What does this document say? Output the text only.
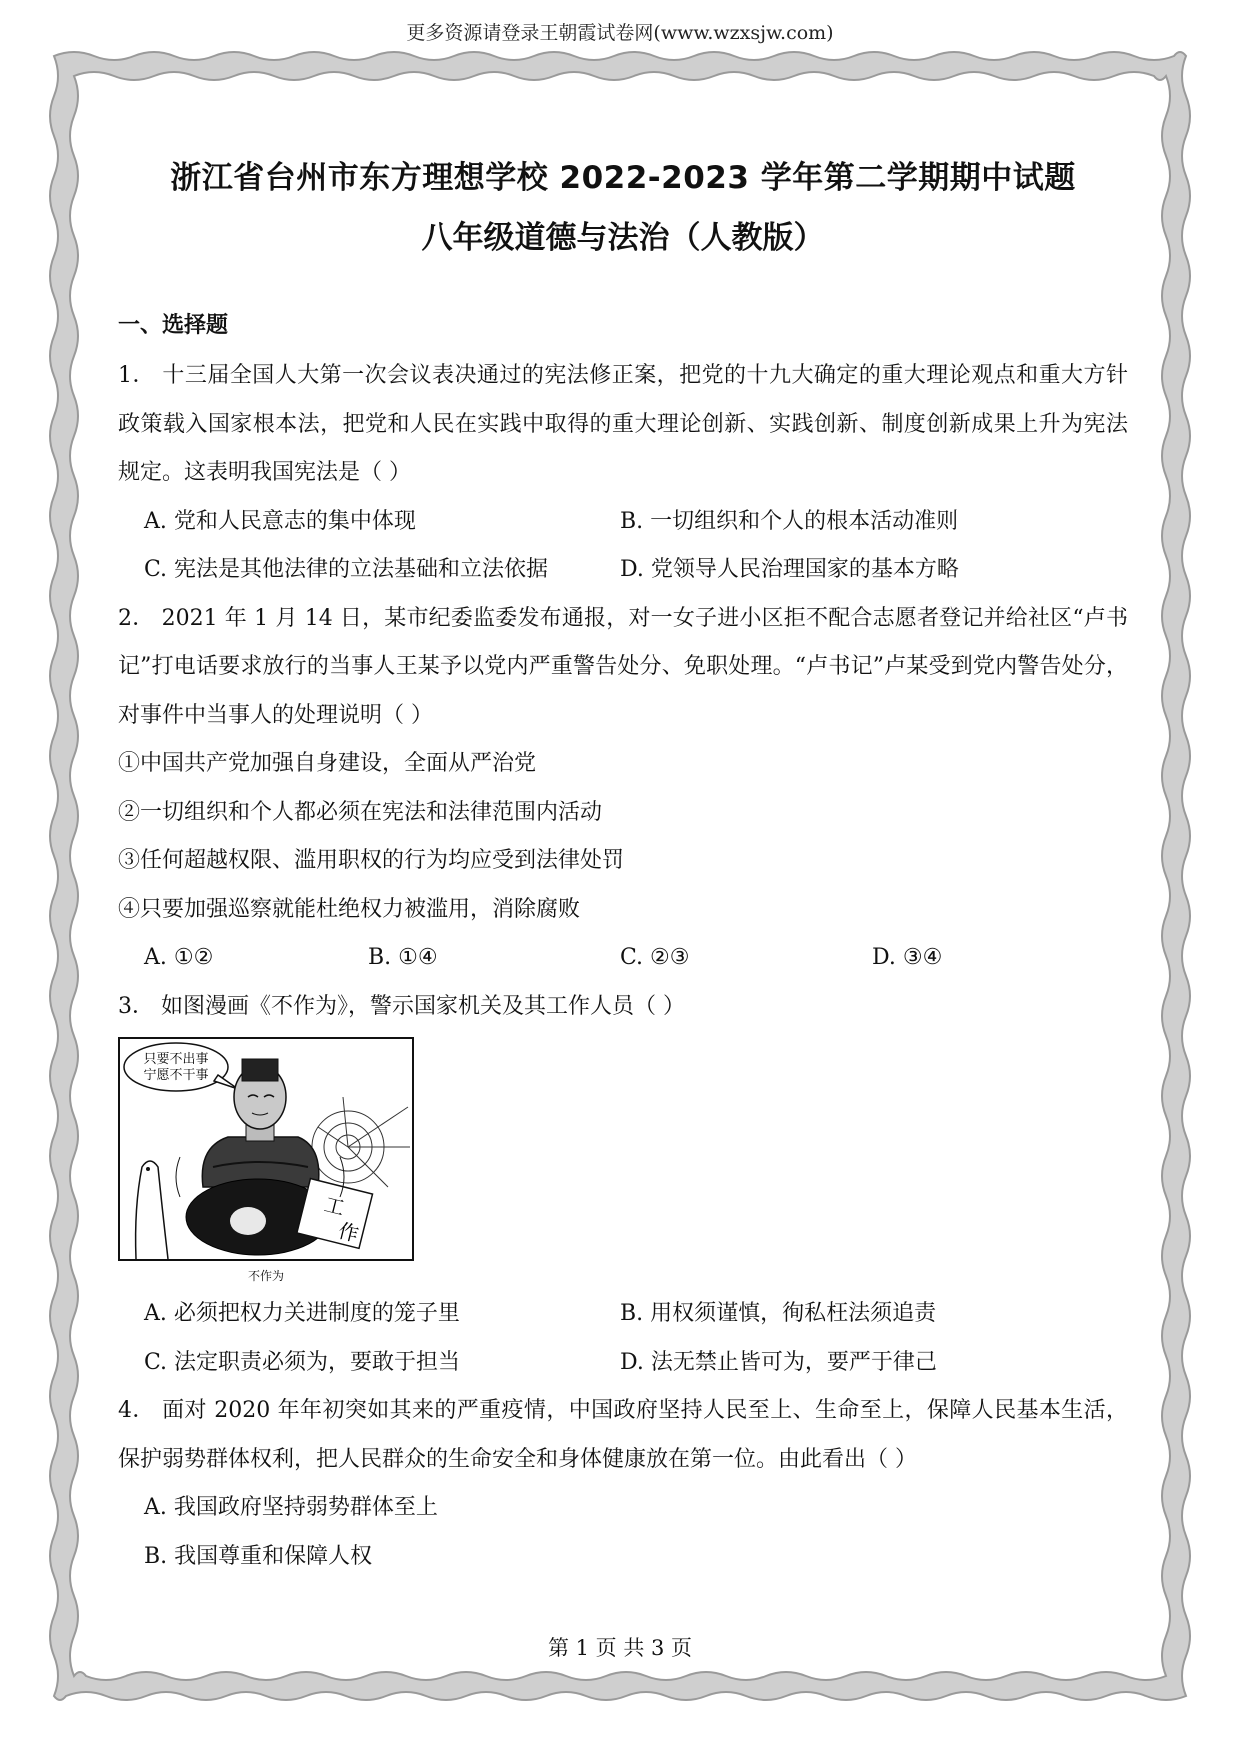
更多资源请登录王朝霞试卷网(www.wzxsjw.com)
浙江省台州市东方理想学校 2022-2023 学年第二学期期中试题
八年级道德与法治（人教版）
一、选择题

1． 十三届全国人大第一次会议表决通过的宪法修正案，把党的十九大确定的重大理论观点和重大方针政策载入国家根本法，把党和人民在实践中取得的重大理论创新、实践创新、制度创新成果上升为宪法规定。这表明我国宪法是（ ）

A. 党和人民意志的集中体现	B. 一切组织和个人的根本活动准则
C. 宪法是其他法律的立法基础和立法依据	D. 党领导人民治理国家的基本方略

2． 2021 年 1 月 14 日，某市纪委监委发布通报，对一女子进小区拒不配合志愿者登记并给社区“卢书记”打电话要求放行的当事人王某予以党内严重警告处分、免职处理。“卢书记”卢某受到党内警告处分，对事件中当事人的处理说明（ ）

①中国共产党加强自身建设，全面从严治党

②一切组织和个人都必须在宪法和法律范围内活动

③任何超越权限、滥用职权的行为均应受到法律处罚

④只要加强巡察就能杜绝权力被滥用，消除腐败

A. ①②	B. ①④	C. ②③	D. ③④

3． 如图漫画《不作为》，警示国家机关及其工作人员（ ）

只要不出事
宁愿不干事
工
作
不作为
A. 必须把权力关进制度的笼子里	B. 用权须谨慎，徇私枉法须追责
C. 法定职责必须为，要敢于担当	D. 法无禁止皆可为，要严于律己

4． 面对 2020 年年初突如其来的严重疫情，中国政府坚持人民至上、生命至上，保障人民基本生活，保护弱势群体权利，把人民群众的生命安全和身体健康放在第一位。由此看出（ ）

A. 我国政府坚持弱势群体至上
B. 我国尊重和保障人权
第 1 页 共 3 页
